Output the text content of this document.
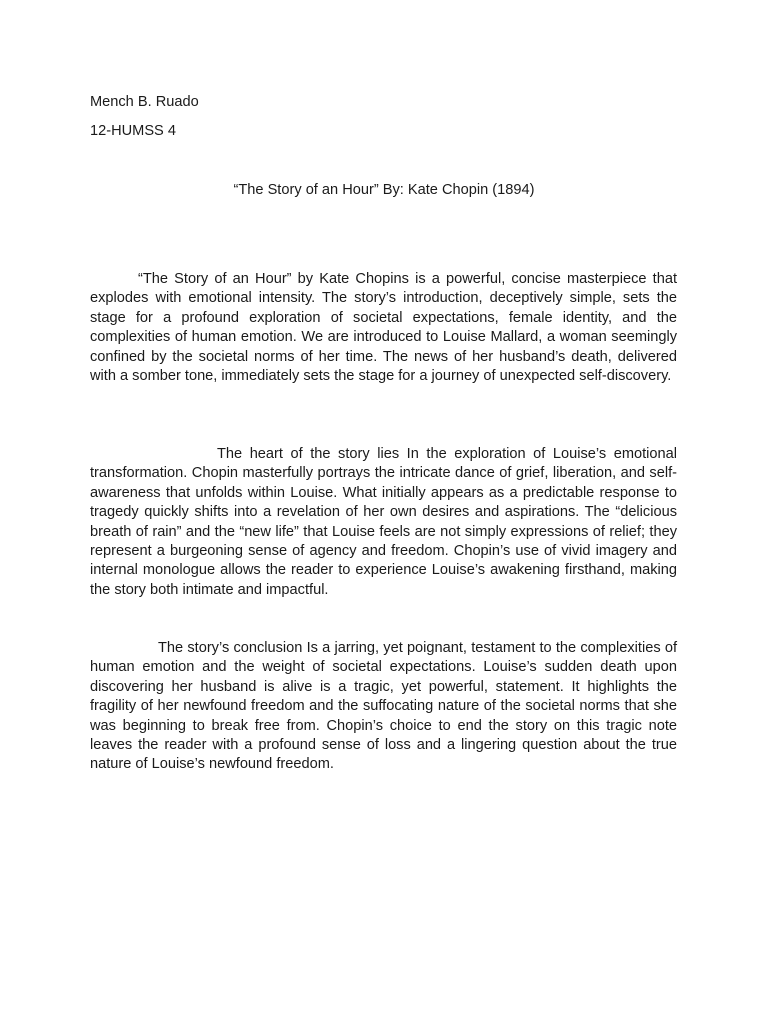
Mench B. Ruado
12-HUMSS 4
“The Story of an Hour” By: Kate Chopin (1894)

“The Story of an Hour” by Kate Chopins is a powerful, concise masterpiece that explodes with emotional intensity. The story’s introduction, deceptively simple, sets the stage for a profound exploration of societal expectations, female identity, and the complexities of human emotion. We are introduced to Louise Mallard, a woman seemingly confined by the societal norms of her time. The news of her husband’s death, delivered with a somber tone, immediately sets the stage for a journey of unexpected self-discovery.

The heart of the story lies In the exploration of Louise’s emotional transformation. Chopin masterfully portrays the intricate dance of grief, liberation, and self-awareness that unfolds within Louise. What initially appears as a predictable response to tragedy quickly shifts into a revelation of her own desires and aspirations. The “delicious breath of rain” and the “new life” that Louise feels are not simply expressions of relief; they represent a burgeoning sense of agency and freedom. Chopin’s use of vivid imagery and internal monologue allows the reader to experience Louise’s awakening firsthand, making the story both intimate and impactful.

The story’s conclusion Is a jarring, yet poignant, testament to the complexities of human emotion and the weight of societal expectations. Louise’s sudden death upon discovering her husband is alive is a tragic, yet powerful, statement. It highlights the fragility of her newfound freedom and the suffocating nature of the societal norms that she was beginning to break free from. Chopin’s choice to end the story on this tragic note leaves the reader with a profound sense of loss and a lingering question about the true nature of Louise’s newfound freedom.
